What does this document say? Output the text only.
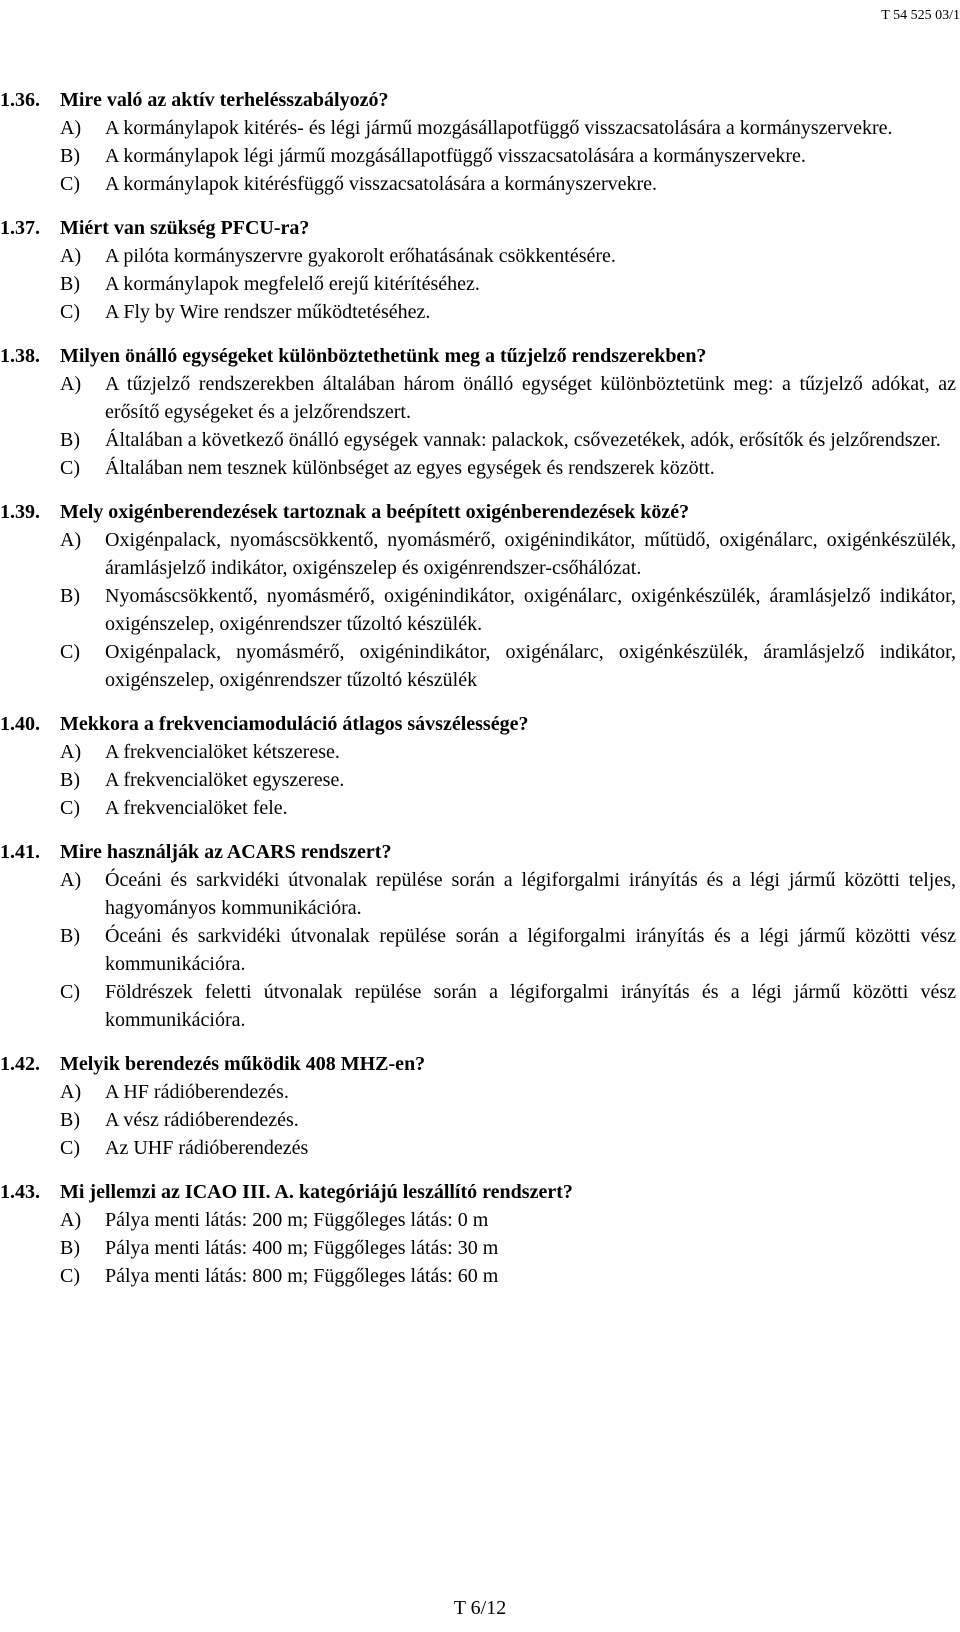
T 54 525 03/1
1.36.	Mire való az aktív terhelésszabályozó?
A)	A kormánylapok kitérés- és légi jármű mozgásállapotfüggő visszacsatolására a kormányszervekre.
B)	A kormánylapok légi jármű mozgásállapotfüggő visszacsatolására a kormányszervekre.
C)	A kormánylapok kitérésfüggő visszacsatolására a kormányszervekre.
1.37.	Miért van szükség PFCU-ra?
A)	A pilóta kormányszervre gyakorolt erőhatásának csökkentésére.
B)	A kormánylapok megfelelő erejű kitérítéséhez.
C)	A Fly by Wire rendszer működtetéséhez.
1.38.	Milyen önálló egységeket különböztethetünk meg a tűzjelző rendszerekben?
A)	A tűzjelző rendszerekben általában három önálló egységet különböztetünk meg: a tűzjelző adókat, az erősítő egységeket és a jelzőrendszert.
B)	Általában a következő önálló egységek vannak: palackok, csővezetékek, adók, erősítők és jelzőrendszer.
C)	Általában nem tesznek különbséget az egyes egységek és rendszerek között.
1.39.	Mely oxigénberendezések tartoznak a beépített oxigénberendezések közé?
A)	Oxigénpalack, nyomáscsökkentő, nyomásmérő, oxigénindikátor, műtüdő, oxigénálarc, oxigénkészülék, áramlásjelző indikátor, oxigénszelep és oxigénrendszer-csőhálózat.
B)	Nyomáscsökkentő, nyomásmérő, oxigénindikátor, oxigénálarc, oxigénkészülék, áramlásjelző indikátor, oxigénszelep, oxigénrendszer tűzoltó készülék.
C)	Oxigénpalack, nyomásmérő, oxigénindikátor, oxigénálarc, oxigénkészülék, áramlásjelző indikátor, oxigénszelep, oxigénrendszer tűzoltó készülék
1.40.	Mekkora a frekvenciamoduláció átlagos sávszélessége?
A)	A frekvencialöket kétszerese.
B)	A frekvencialöket egyszerese.
C)	A frekvencialöket fele.
1.41.	Mire használják az ACARS rendszert?
A)	Óceáni és sarkvidéki útvonalak repülése során a légiforgalmi irányítás és a légi jármű közötti teljes, hagyományos kommunikációra.
B)	Óceáni és sarkvidéki útvonalak repülése során a légiforgalmi irányítás és a légi jármű közötti vész kommunikációra.
C)	Földrészek feletti útvonalak repülése során a légiforgalmi irányítás és a légi jármű közötti vész kommunikációra.
1.42.	Melyik berendezés működik 408 MHZ-en?
A)	A HF rádióberendezés.
B)	A vész rádióberendezés.
C)	Az UHF rádióberendezés
1.43.	Mi jellemzi az ICAO III. A. kategóriájú leszállító rendszert?
A)	Pálya menti látás: 200 m; Függőleges látás: 0 m
B)	Pálya menti látás: 400 m; Függőleges látás: 30 m
C)	Pálya menti látás: 800 m; Függőleges látás: 60 m
T 6/12
